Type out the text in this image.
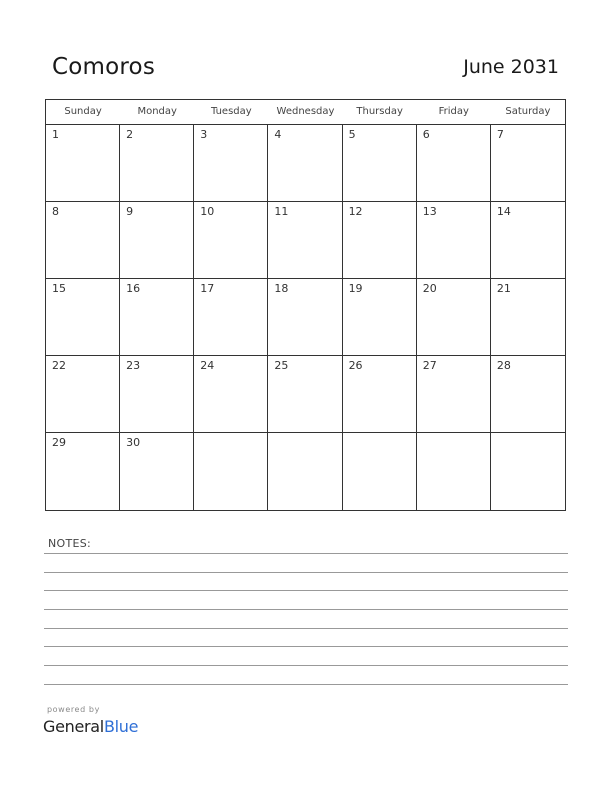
Comoros	June 2031
Sunday	Monday	Tuesday	Wednesday	Thursday	Friday	Saturday
1	2	3	4	5	6	7
8	9	10	11	12	13	14
15	16	17	18	19	20	21
22	23	24	25	26	27	28
29	30
NOTES:
powered by
GeneralBlue
